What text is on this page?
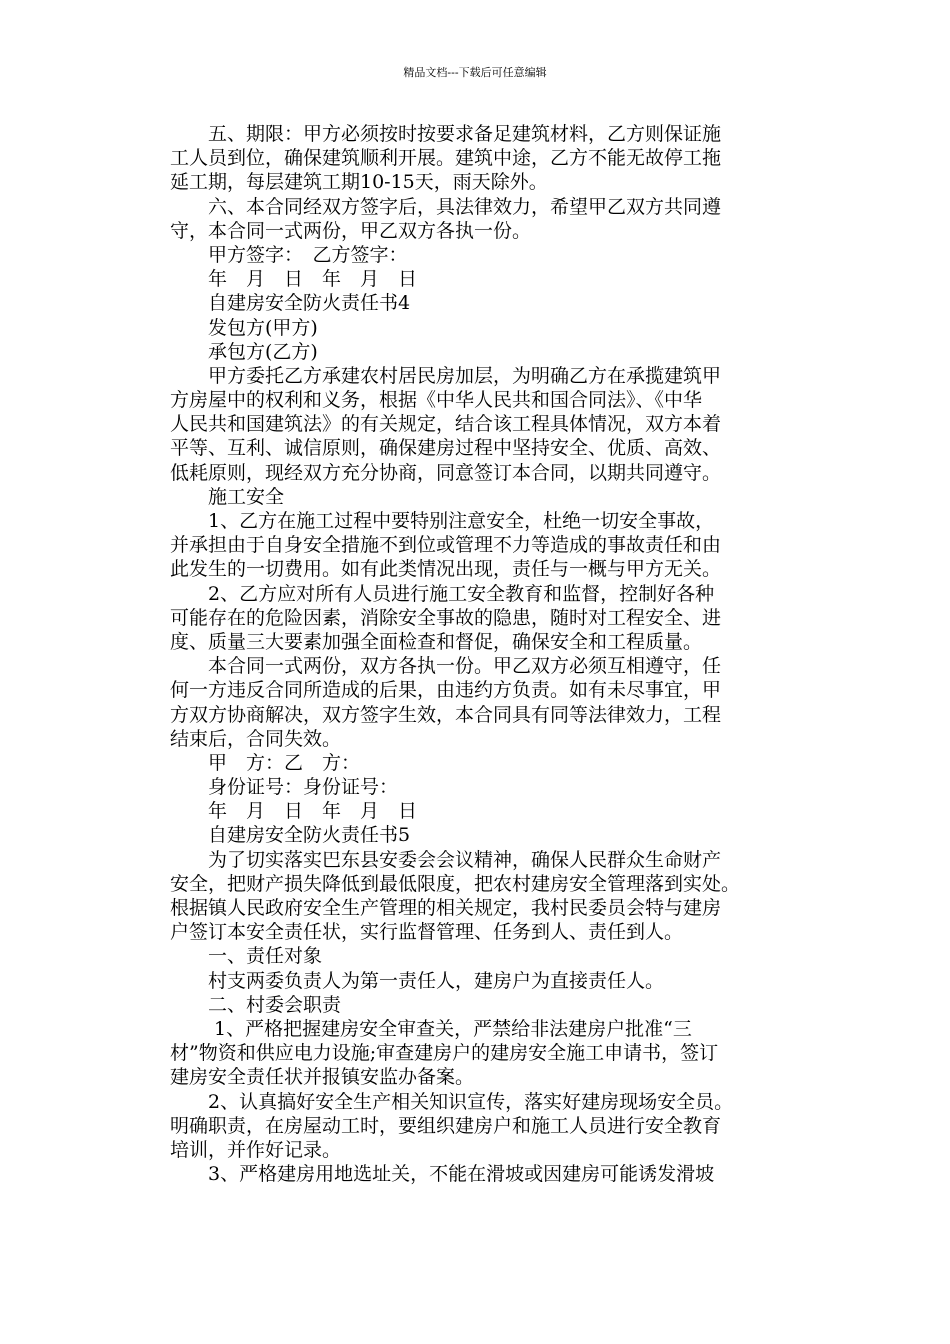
精品文档---下载后可任意编辑
　　五、期限：甲方必须按时按要求备足建筑材料，乙方则保证施
工人员到位，确保建筑顺利开展。建筑中途，乙方不能无故停工拖
延工期，每层建筑工期10-15天，雨天除外。
　　六、本合同经双方签字后，具法律效力，希望甲乙双方共同遵
守，本合同一式两份，甲乙双方各执一份。
　　甲方签字：　乙方签字：
　　年　月　日　年　月　日
　　自建房安全防火责任书4
　　发包方(甲方)
　　承包方(乙方)
　　甲方委托乙方承建农村居民房加层，为明确乙方在承揽建筑甲
方房屋中的权利和义务，根据《中华人民共和国合同法》、《中华
人民共和国建筑法》的有关规定，结合该工程具体情况，双方本着
平等、互利、诚信原则，确保建房过程中坚持安全、优质、高效、
低耗原则，现经双方充分协商，同意签订本合同，以期共同遵守。
　　施工安全
　　1、乙方在施工过程中要特别注意安全，杜绝一切安全事故，
并承担由于自身安全措施不到位或管理不力等造成的事故责任和由
此发生的一切费用。如有此类情况出现，责任与一概与甲方无关。
　　2、乙方应对所有人员进行施工安全教育和监督，控制好各种
可能存在的危险因素，消除安全事故的隐患，随时对工程安全、进
度、质量三大要素加强全面检查和督促，确保安全和工程质量。
　　本合同一式两份，双方各执一份。甲乙双方必须互相遵守，任
何一方违反合同所造成的后果，由违约方负责。如有未尽事宜，甲
方双方协商解决，双方签字生效，本合同具有同等法律效力，工程
结束后，合同失效。
　　甲　方：乙　方：
　　身份证号：身份证号：
　　年　月　日　年　月　日
　　自建房安全防火责任书5
　　为了切实落实巴东县安委会会议精神，确保人民群众生命财产
安全，把财产损失降低到最低限度，把农村建房安全管理落到实处。
根据镇人民政府安全生产管理的相关规定，我村民委员会特与建房
户签订本安全责任状，实行监督管理、任务到人、责任到人。
　　一、责任对象
　　村支两委负责人为第一责任人，建房户为直接责任人。
　　二、村委会职责
　　 1、严格把握建房安全审查关，严禁给非法建房户批准“三
材”物资和供应电力设施;审查建房户的建房安全施工申请书，签订
建房安全责任状并报镇安监办备案。
　　2、认真搞好安全生产相关知识宣传，落实好建房现场安全员。
明确职责，在房屋动工时，要组织建房户和施工人员进行安全教育
培训，并作好记录。
　　3、严格建房用地选址关，不能在滑坡或因建房可能诱发滑坡
